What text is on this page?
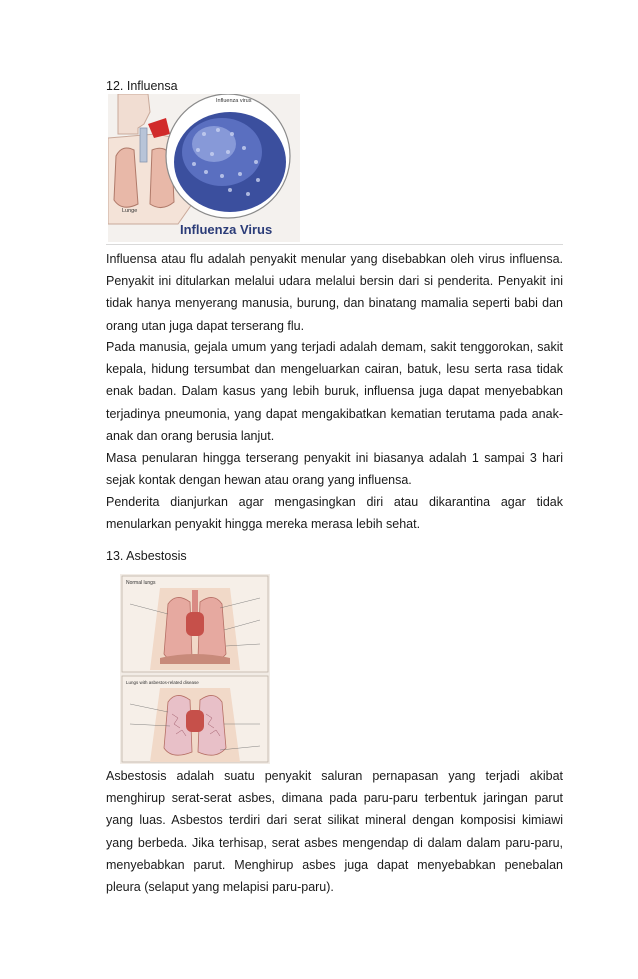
12. Influensa
Influenza virus
Lunge
Influenza Virus

Influensa atau flu adalah penyakit menular yang disebabkan oleh virus influensa. Penyakit ini ditularkan melalui udara melalui bersin dari si penderita. Penyakit ini tidak hanya menyerang manusia, burung, dan binatang mamalia seperti babi dan orang utan juga dapat terserang flu.

Pada manusia, gejala umum yang terjadi adalah demam, sakit tenggorokan, sakit kepala, hidung tersumbat dan mengeluarkan cairan, batuk, lesu serta rasa tidak enak badan. Dalam kasus yang lebih buruk, influensa juga dapat menyebabkan terjadinya pneumonia, yang dapat mengakibatkan kematian terutama pada anak-anak dan orang berusia lanjut.

Masa penularan hingga terserang penyakit ini biasanya adalah 1 sampai 3 hari sejak kontak dengan hewan atau orang yang influensa.

Penderita dianjurkan agar mengasingkan diri atau dikarantina agar tidak menularkan penyakit hingga mereka merasa lebih sehat.

13. Asbestosis
Normal lungs
Lungs with asbestos-related disease

Asbestosis adalah suatu penyakit saluran pernapasan yang terjadi akibat menghirup serat-serat asbes, dimana pada paru-paru terbentuk jaringan parut yang luas. Asbestos terdiri dari serat silikat mineral dengan komposisi kimiawi yang berbeda. Jika terhisap, serat asbes mengendap di dalam dalam paru-paru, menyebabkan parut. Menghirup asbes juga dapat menyebabkan penebalan pleura (selaput yang melapisi paru-paru).
